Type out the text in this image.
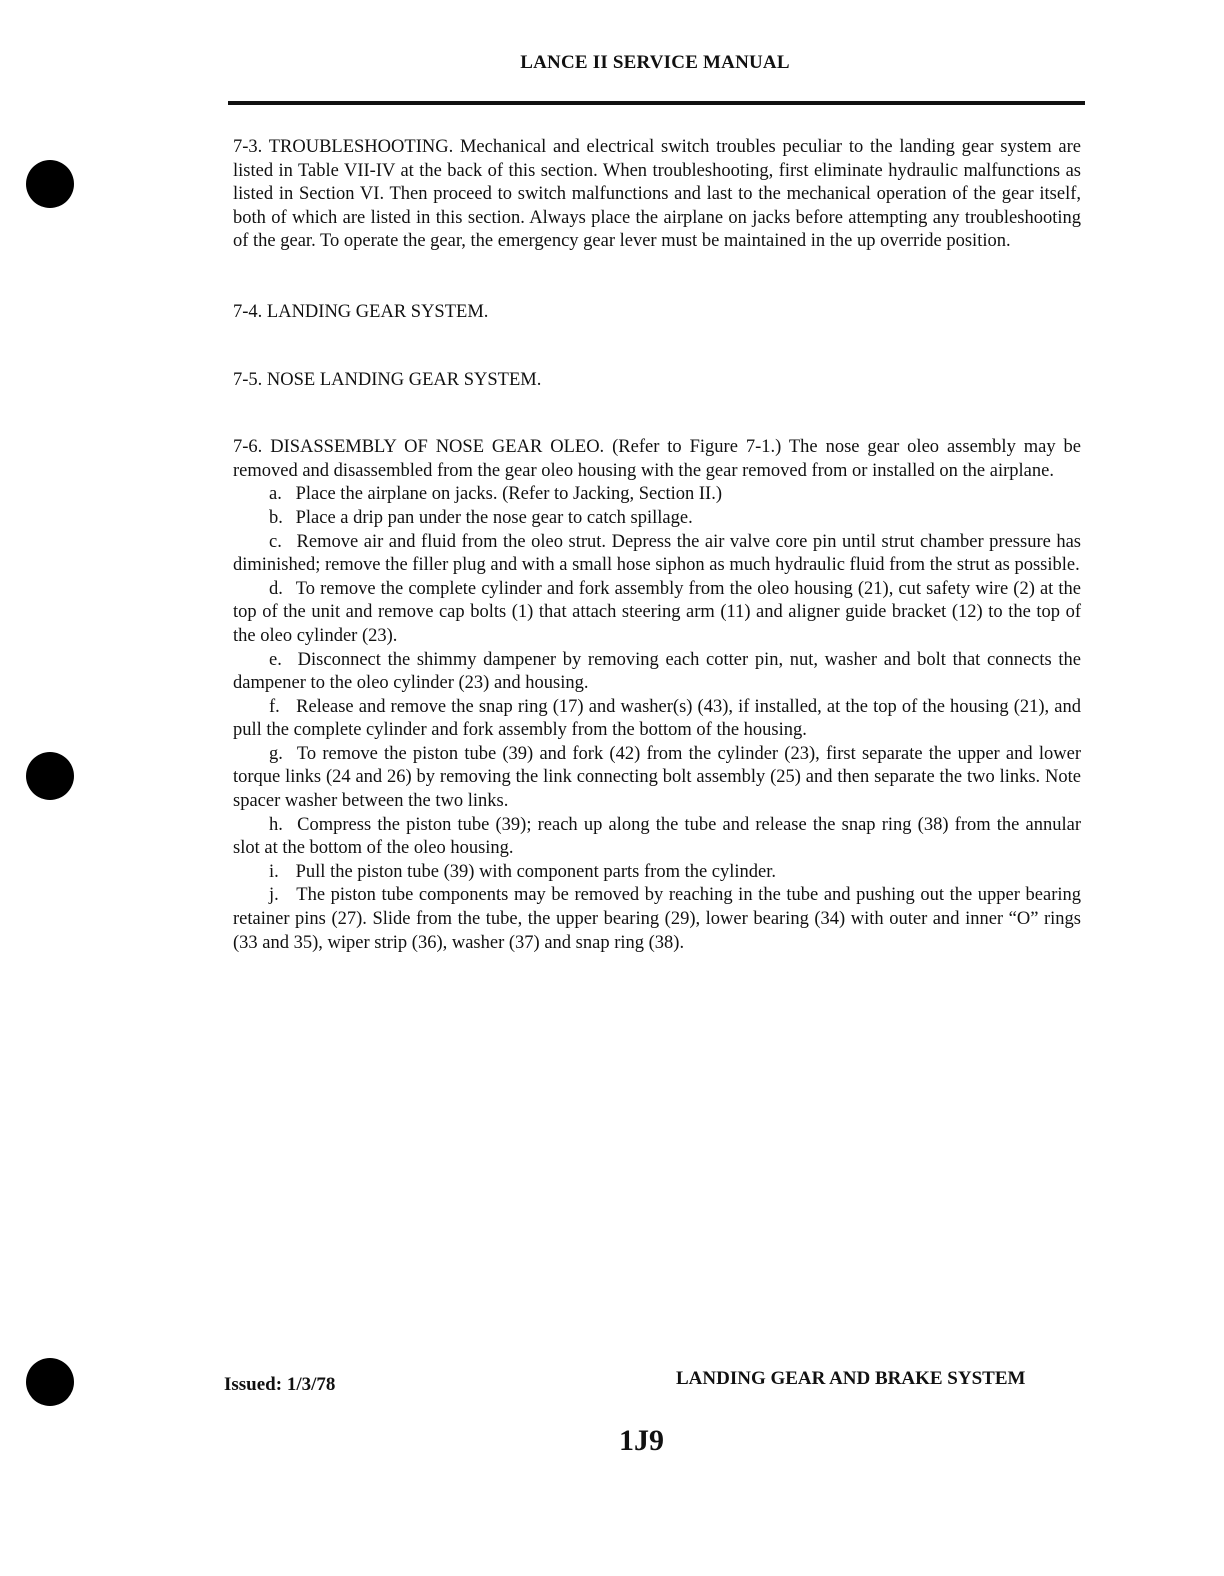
LANCE II SERVICE MANUAL

7-3. TROUBLESHOOTING. Mechanical and electrical switch troubles peculiar to the landing gear system are listed in Table VII-IV at the back of this section. When troubleshooting, first eliminate hydraulic malfunctions as listed in Section VI. Then proceed to switch malfunctions and last to the mechanical operation of the gear itself, both of which are listed in this section. Always place the airplane on jacks before attempting any troubleshooting of the gear. To operate the gear, the emergency gear lever must be maintained in the up override position.

7-4. LANDING GEAR SYSTEM.

7-5. NOSE LANDING GEAR SYSTEM.

7-6. DISASSEMBLY OF NOSE GEAR OLEO. (Refer to Figure 7-1.) The nose gear oleo assembly may be removed and disassembled from the gear oleo housing with the gear removed from or installed on the airplane.

a. Place the airplane on jacks. (Refer to Jacking, Section II.)

b. Place a drip pan under the nose gear to catch spillage.

c. Remove air and fluid from the oleo strut. Depress the air valve core pin until strut chamber pressure has diminished; remove the filler plug and with a small hose siphon as much hydraulic fluid from the strut as possible.

d. To remove the complete cylinder and fork assembly from the oleo housing (21), cut safety wire (2) at the top of the unit and remove cap bolts (1) that attach steering arm (11) and aligner guide bracket (12) to the top of the oleo cylinder (23).

e. Disconnect the shimmy dampener by removing each cotter pin, nut, washer and bolt that connects the dampener to the oleo cylinder (23) and housing.

f. Release and remove the snap ring (17) and washer(s) (43), if installed, at the top of the housing (21), and pull the complete cylinder and fork assembly from the bottom of the housing.

g. To remove the piston tube (39) and fork (42) from the cylinder (23), first separate the upper and lower torque links (24 and 26) by removing the link connecting bolt assembly (25) and then separate the two links. Note spacer washer between the two links.

h. Compress the piston tube (39); reach up along the tube and release the snap ring (38) from the annular slot at the bottom of the oleo housing.

i. Pull the piston tube (39) with component parts from the cylinder.

j. The piston tube components may be removed by reaching in the tube and pushing out the upper bearing retainer pins (27). Slide from the tube, the upper bearing (29), lower bearing (34) with outer and inner “O” rings (33 and 35), wiper strip (36), washer (37) and snap ring (38).

Issued: 1/3/78	LANDING GEAR AND BRAKE SYSTEM
1J9
